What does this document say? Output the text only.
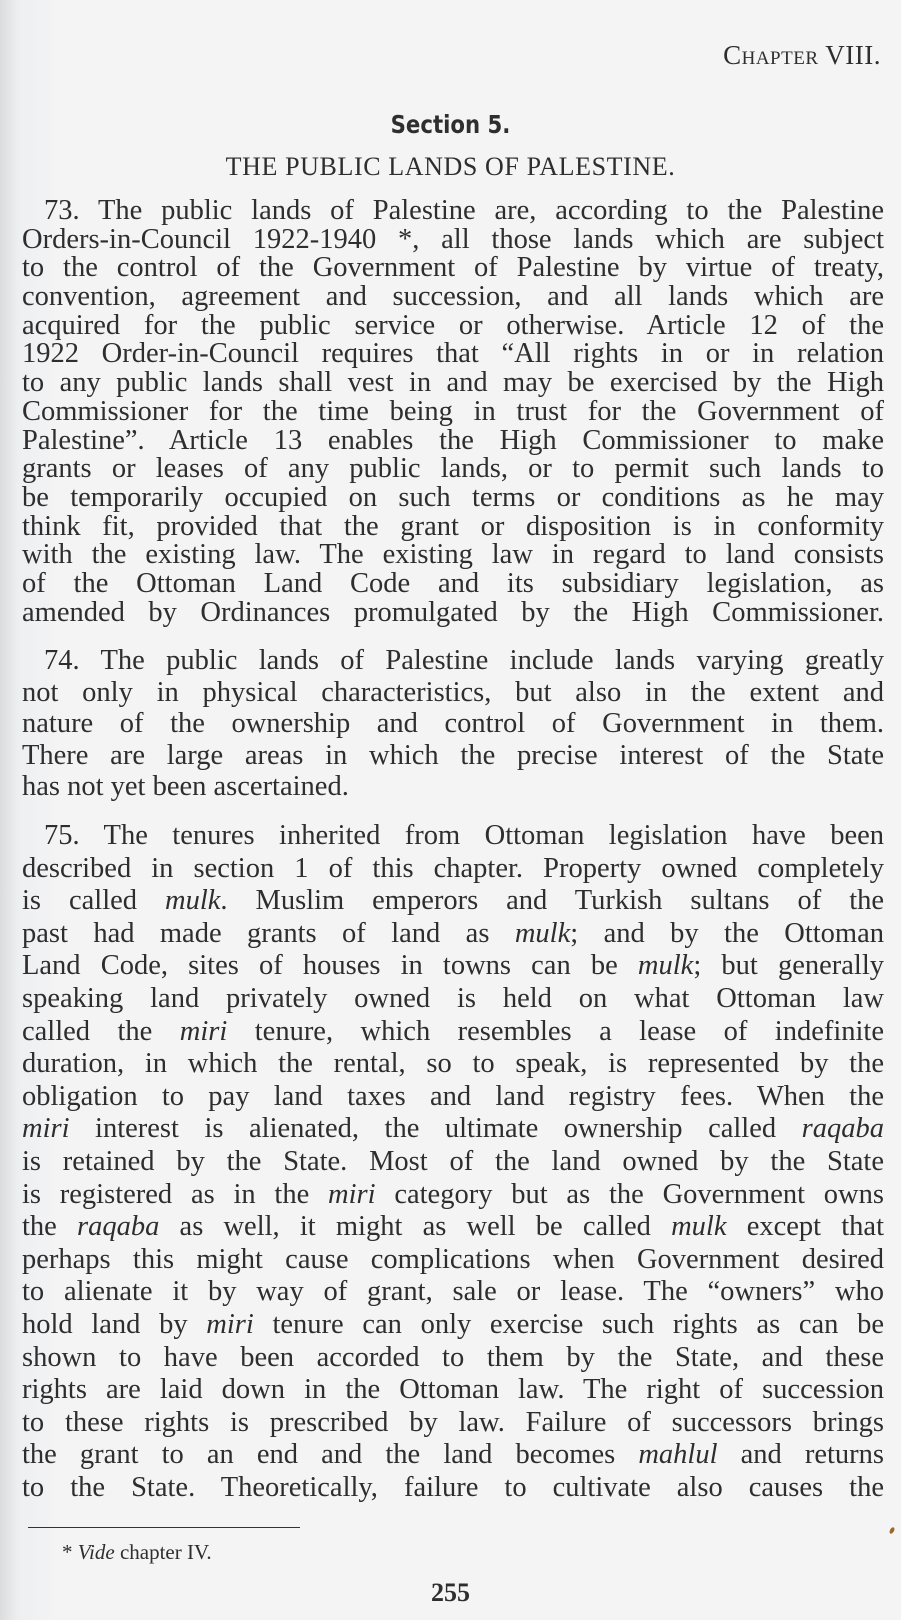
Chapter VIII.
Section 5.
THE PUBLIC LANDS OF PALESTINE.
73. The public lands of Palestine are, according to the Palestine
Orders-in-Council 1922-1940 *, all those lands which are subject
to the control of the Government of Palestine by virtue of treaty,
convention, agreement and succession, and all lands which are
acquired for the public service or otherwise. Article 12 of the
1922 Order-in-Council requires that “All rights in or in relation
to any public lands shall vest in and may be exercised by the High
Commissioner for the time being in trust for the Government of
Palestine”. Article 13 enables the High Commissioner to make
grants or leases of any public lands, or to permit such lands to
be temporarily occupied on such terms or conditions as he may
think fit, provided that the grant or disposition is in conformity
with the existing law. The existing law in regard to land consists
of the Ottoman Land Code and its subsidiary legislation, as
amended by Ordinances promulgated by the High Commissioner.
74. The public lands of Palestine include lands varying greatly
not only in physical characteristics, but also in the extent and
nature of the ownership and control of Government in them.
There are large areas in which the precise interest of the State
has not yet been ascertained.
75. The tenures inherited from Ottoman legislation have been
described in section 1 of this chapter. Property owned completely
is called mulk. Muslim emperors and Turkish sultans of the
past had made grants of land as mulk; and by the Ottoman
Land Code, sites of houses in towns can be mulk; but generally
speaking land privately owned is held on what Ottoman law
called the miri tenure, which resembles a lease of indefinite
duration, in which the rental, so to speak, is represented by the
obligation to pay land taxes and land registry fees. When the
miri interest is alienated, the ultimate ownership called raqaba
is retained by the State. Most of the land owned by the State
is registered as in the miri category but as the Government owns
the raqaba as well, it might as well be called mulk except that
perhaps this might cause complications when Government desired
to alienate it by way of grant, sale or lease. The “owners” who
hold land by miri tenure can only exercise such rights as can be
shown to have been accorded to them by the State, and these
rights are laid down in the Ottoman law. The right of succession
to these rights is prescribed by law. Failure of successors brings
the grant to an end and the land becomes mahlul and returns
to the State. Theoretically, failure to cultivate also causes the
* Vide chapter IV.
255
